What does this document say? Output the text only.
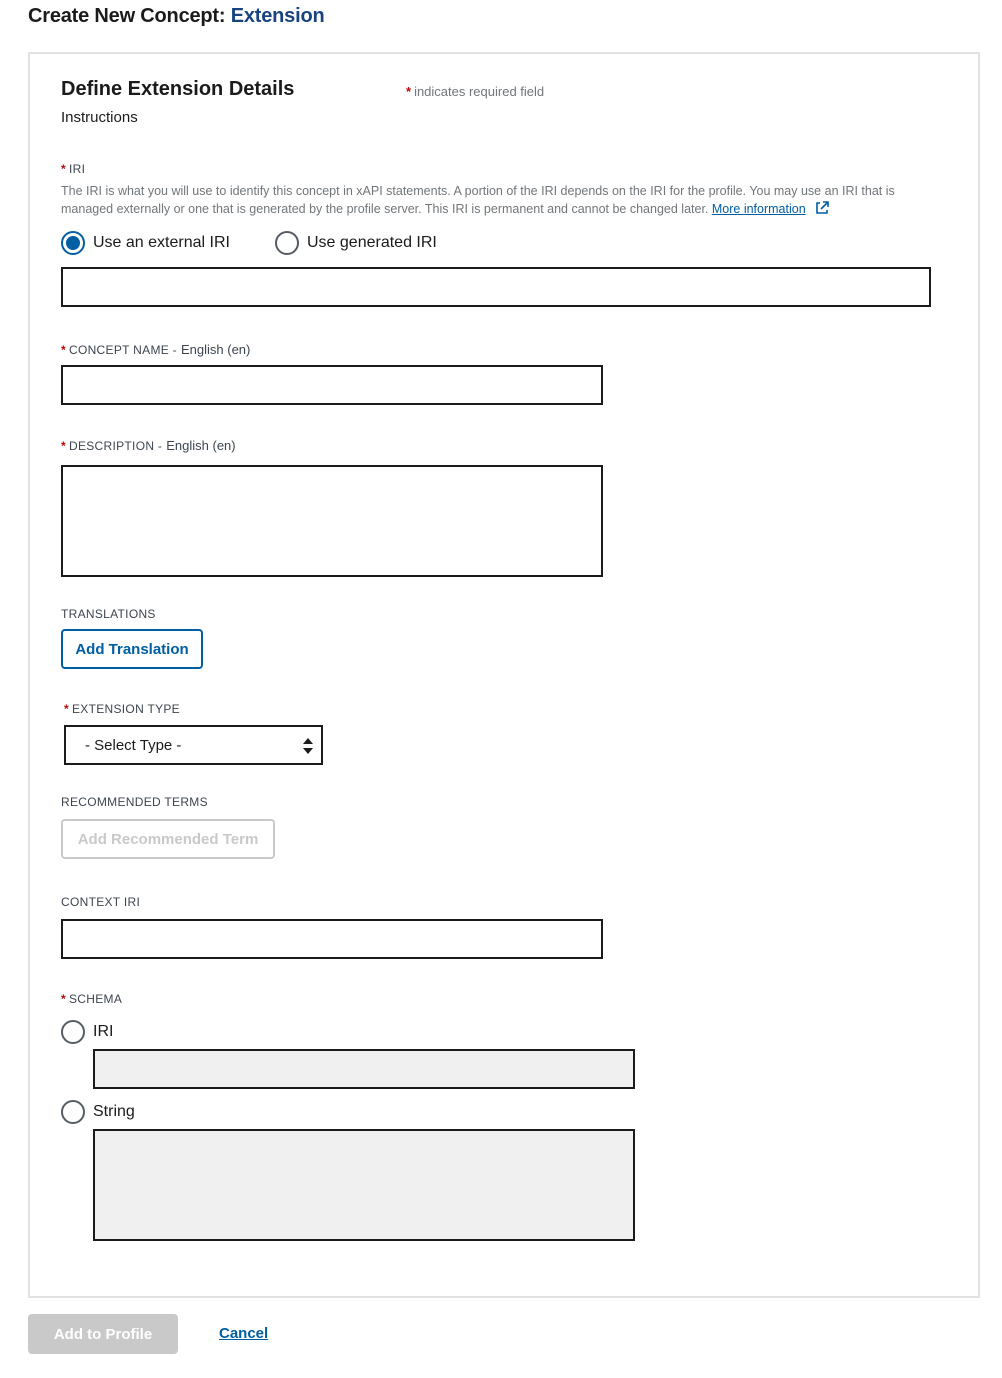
Create New Concept: Extension
Define Extension Details	* indicates required field
Instructions
* IRI
The IRI is what you will use to identify this concept in xAPI statements. A portion of the IRI depends on the IRI for the profile. You may use an IRI that is managed externally or one that is generated by the profile server. This IRI is permanent and cannot be changed later. More information
Use an external IRI	Use generated IRI
* CONCEPT NAME - English (en)
* DESCRIPTION - English (en)
TRANSLATIONS
Add Translation
* EXTENSION TYPE
- Select Type -
RECOMMENDED TERMS
Add Recommended Term
CONTEXT IRI
* SCHEMA
IRI
String
Add to Profile	Cancel
